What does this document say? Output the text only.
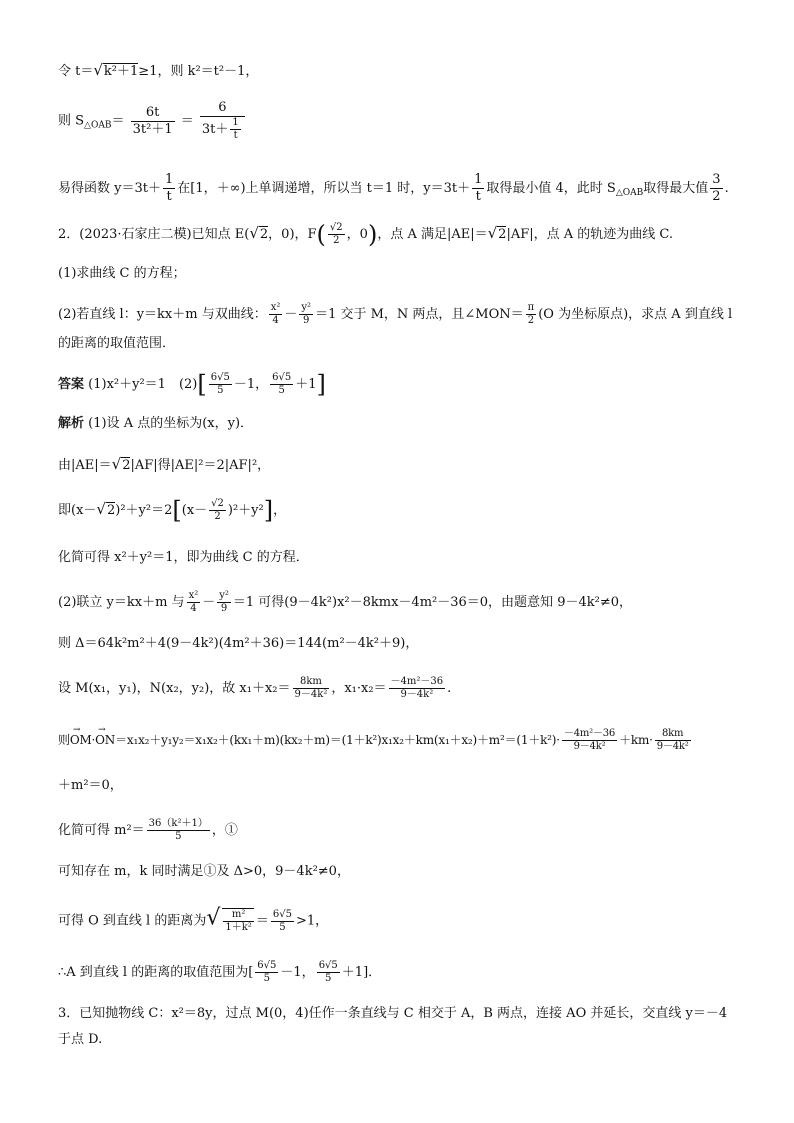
令 t＝√k²＋1≥1，则 k²＝t²－1，
则 $S_{\triangle OAB}= \frac{6t}{\text{3t²＋1}} = \frac{6}{3t+ \frac{1}{t}}$
易得函数 $y=3t+ \frac{1}{t}$ 在[1，＋∞)上单调递增，所以当 t＝1 时，$y=3t+ \frac{1}{t}$ 取得最小值 4，此时 $S_{\triangle OAB}$取得最大值 $\frac{3}{2}$ .
2．(2023·石家庄二模)已知点 E(√2，0)，$F( \frac{√2}{2}$ ，0)，点 A 满足|AE|＝√2|AF|，点 A 的轨迹为曲线 C.
(1)求曲线 C 的方程；
(2)若直线 l：y＝kx＋m 与双曲线： $\frac{\text{x²}}{4} - \frac{\text{y²}}{9} =1$ 交于 M，N 两点，且∠MON＝ $\frac{\pi}{2} (O$ 为坐标原点)，求点 A 到直线 l
的距离的取值范围．
答案 (1)x²＋y²＝1　$(2)[ \frac{6√5}{5} -1$， $\frac{6√5}{5} +1$]
解析 (1)设 A 点的坐标为(x，y)．
由|AE|＝√2|AF|得|AE|²＝2|AF|²，
即$(x-√2)^2+y^2=2[(x- \frac{√2}{2} )^2+y^2]$，
化简可得 x²＋y²＝1，即为曲线 C 的方程．
(2)联立 y＝kx＋m 与 $\frac{\text{x²}}{4} - \frac{\text{y²}}{9} =1$ 可得(9－4k²)x²－8kmx－4m²－36＝0，由题意知 9－4k²≠0，
则 Δ＝64k²m²＋4(9－4k²)(4m²＋36)＝144(m²－4k²＋9)，
设 M(x₁，y₁)，N(x₂，y₂)，故 $x_1+x_2= \frac{8km}{\text{9－4k²}}$ ，$x_1\cdot x_2= \frac{\text{－4m²－36}}{\text{9－4k²}}$ .
则→ $OM\cdot\to ON=x_1x_2+y_1y_2=x_1x_2+(kx_1+m)(kx_2+m)=(1+k^2)x_1x_2+km(x_1+x_2)+m^2=(1+k^2)\cdot \frac{\text{－4m²－36}}{\text{9－4k²}} +km\cdot \frac{8km}{\text{9－4k²}}$
＋m²＝0，
化简可得 $m^2= \frac{\text{36（k²＋1）}}{5}$ ，①
可知存在 m，k 同时满足①及 Δ>0，9－4k²≠0，
可得 O 到直线 l 的距离为√ $\frac{\text{m²}}{\text{1＋k²}} = \frac{6√5}{5} >1$，
∴A 到直线 l 的距离的取值范围为[ $\frac{6√5}{5} -1$， $\frac{6√5}{5} +1$]．
3．已知抛物线 C：x²＝8y，过点 M(0，4)任作一条直线与 C 相交于 A，B 两点，连接 AO 并延长，交直线 y＝－4
于点 D.
